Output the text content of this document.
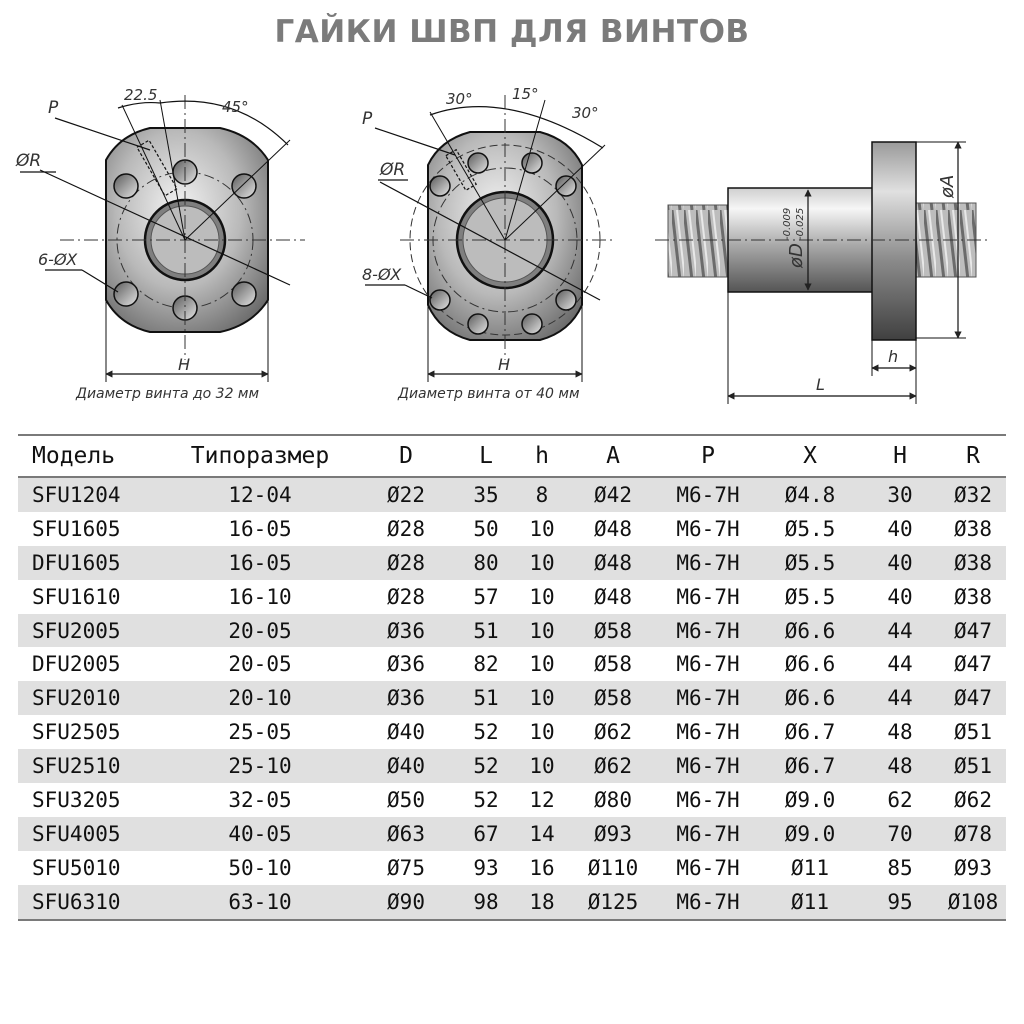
ГАЙКИ ШВП ДЛЯ ВИНТОВ
22.5
45°
P
ØR
6-ØX
H
30°	15°
30°
P
ØR
8-ØX
H
øD
-0.009 -0.025
øA
h
L
Диаметр винта до 32 мм	Диаметр винта от 40 мм
Модель	Типоразмер	D	L	h	A	P	X	H	R
SFU1204	12-04	Ø22	35	8	Ø42	M6-7H	Ø4.8	30	Ø32
SFU1605	16-05	Ø28	50	10	Ø48	M6-7H	Ø5.5	40	Ø38
DFU1605	16-05	Ø28	80	10	Ø48	M6-7H	Ø5.5	40	Ø38
SFU1610	16-10	Ø28	57	10	Ø48	M6-7H	Ø5.5	40	Ø38
SFU2005	20-05	Ø36	51	10	Ø58	M6-7H	Ø6.6	44	Ø47
DFU2005	20-05	Ø36	82	10	Ø58	M6-7H	Ø6.6	44	Ø47
SFU2010	20-10	Ø36	51	10	Ø58	M6-7H	Ø6.6	44	Ø47
SFU2505	25-05	Ø40	52	10	Ø62	M6-7H	Ø6.7	48	Ø51
SFU2510	25-10	Ø40	52	10	Ø62	M6-7H	Ø6.7	48	Ø51
SFU3205	32-05	Ø50	52	12	Ø80	M6-7H	Ø9.0	62	Ø62
SFU4005	40-05	Ø63	67	14	Ø93	M6-7H	Ø9.0	70	Ø78
SFU5010	50-10	Ø75	93	16	Ø110	M6-7H	Ø11	85	Ø93
SFU6310	63-10	Ø90	98	18	Ø125	M6-7H	Ø11	95	Ø108
